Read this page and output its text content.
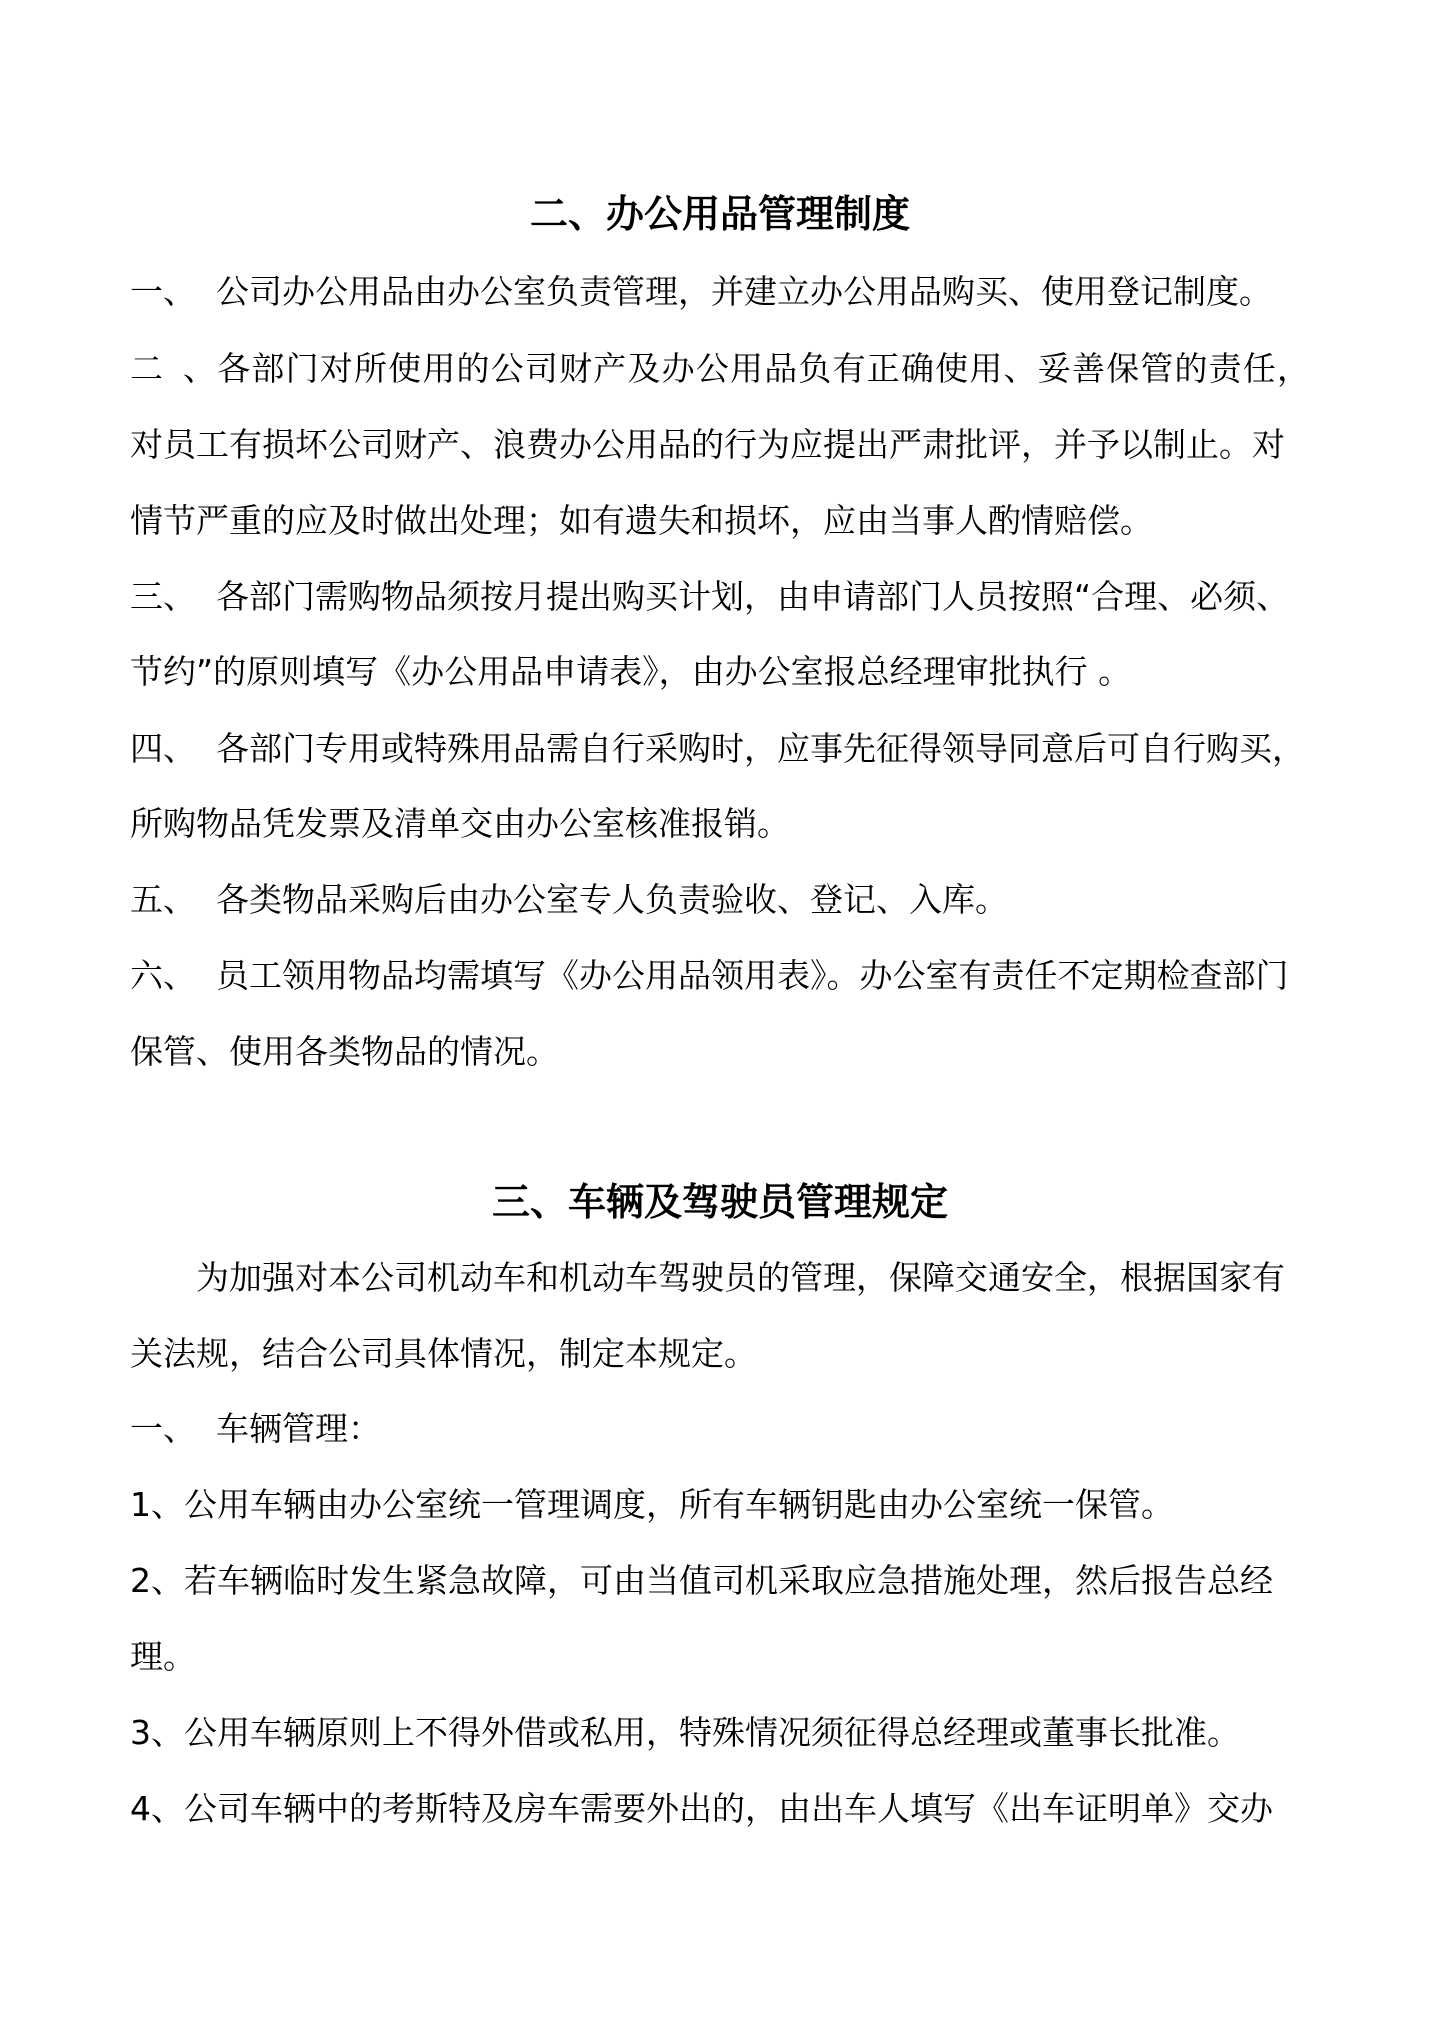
二、办公用品管理制度
一、 公司办公用品由办公室负责管理，并建立办公用品购买、使用登记制度。
二、各部门对所使用的公司财产及办公用品负有正确使用、妥善保管的责任，
对员工有损坏公司财产、浪费办公用品的行为应提出严肃批评，并予以制止。对
情节严重的应及时做出处理；如有遗失和损坏，应由当事人酌情赔偿。
三、 各部门需购物品须按月提出购买计划，由申请部门人员按照“合理、必须、
节约”的原则填写《办公用品申请表》，由办公室报总经理审批执行 。
四、 各部门专用或特殊用品需自行采购时，应事先征得领导同意后可自行购买，
所购物品凭发票及清单交由办公室核准报销。
五、 各类物品采购后由办公室专人负责验收、登记、入库。
六、 员工领用物品均需填写《办公用品领用表》。办公室有责任不定期检查部门
保管、使用各类物品的情况。
三、车辆及驾驶员管理规定
为加强对本公司机动车和机动车驾驶员的管理，保障交通安全，根据国家有
关法规，结合公司具体情况，制定本规定。
一、 车辆管理：
1、公用车辆由办公室统一管理调度，所有车辆钥匙由办公室统一保管。
2、若车辆临时发生紧急故障，可由当值司机采取应急措施处理，然后报告总经
理。
3、公用车辆原则上不得外借或私用，特殊情况须征得总经理或董事长批准。
4、公司车辆中的考斯特及房车需要外出的，由出车人填写《出车证明单》交办
